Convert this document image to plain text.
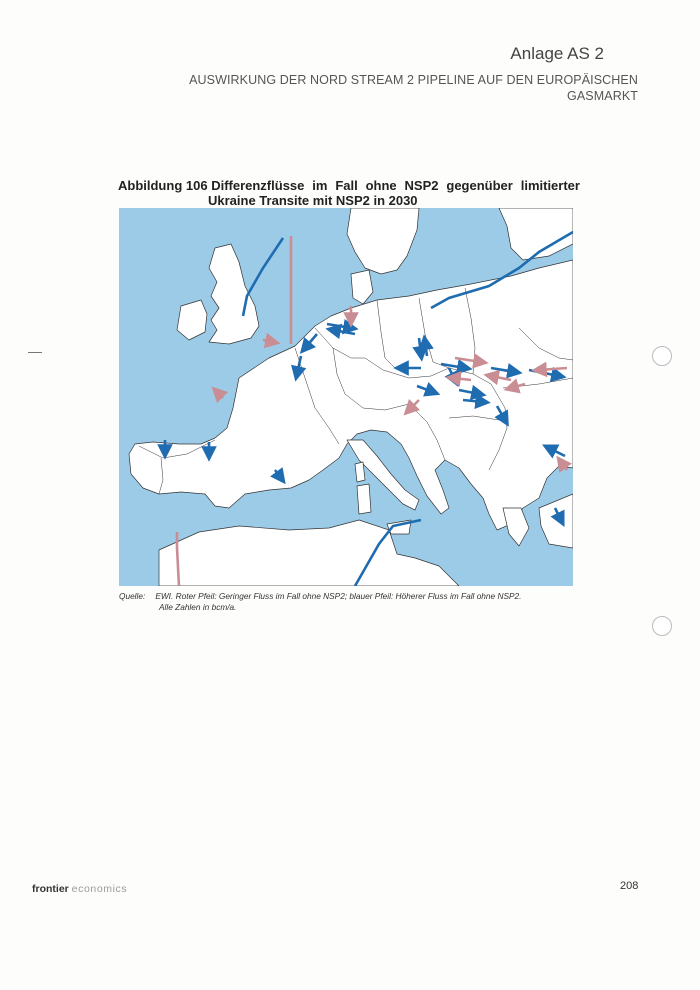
Anlage AS 2
AUSWIRKUNG DER NORD STREAM 2 PIPELINE AUF DEN EUROPÄISCHEN
GASMARKT
Abbildung 106 Differenzflüsse im Fall ohne NSP2 gegenüber limitierter
Ukraine Transite mit NSP2 in 2030
Quelle: EWI. Roter Pfeil: Geringer Fluss im Fall ohne NSP2; blauer Pfeil: Höherer Fluss im Fall ohne NSP2.
Alle Zahlen in bcm/a.
frontier economics	208
